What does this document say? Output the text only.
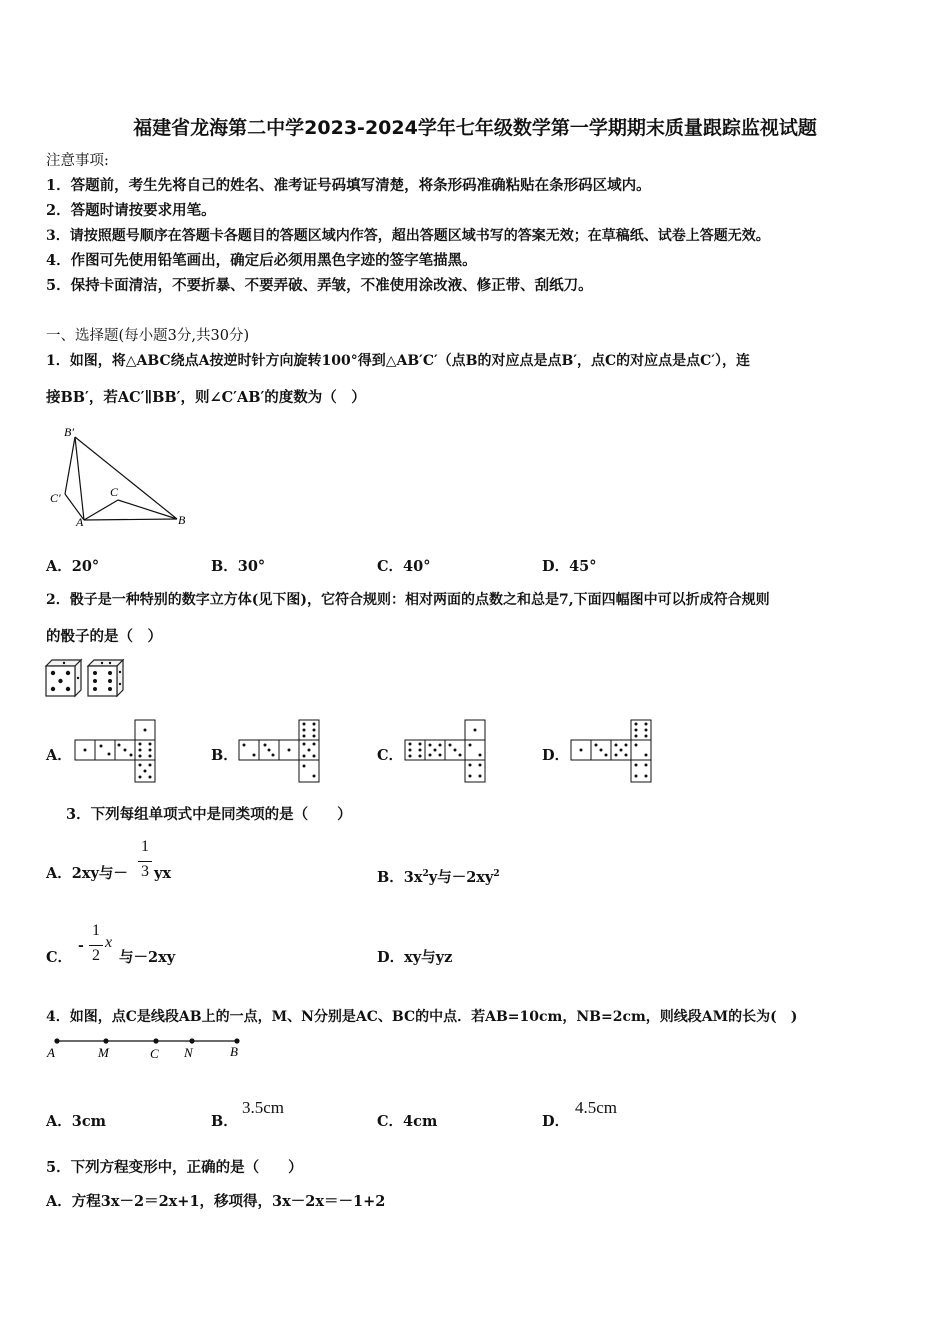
福建省龙海第二中学2023-2024学年七年级数学第一学期期末质量跟踪监视试题
注意事项:
1．答题前，考生先将自己的姓名、准考证号码填写清楚，将条形码准确粘贴在条形码区域内。
2．答题时请按要求用笔。
3．请按照题号顺序在答题卡各题目的答题区域内作答，超出答题区域书写的答案无效；在草稿纸、试卷上答题无效。
4．作图可先使用铅笔画出，确定后必须用黑色字迹的签字笔描黑。
5．保持卡面清洁，不要折暴、不要弄破、弄皱，不准使用涂改液、修正带、刮纸刀。
一、选择题(每小题3分,共30分)
1．如图，将△ABC绕点A按逆时针方向旋转100°得到△AB′C′（点B的对应点是点B′，点C的对应点是点C′），连
接BB′，若AC′∥BB′，则∠C′AB′的度数为（　）
B′
C′
A
C
B
A．20°	B．30°	C．40°	D．45°
2．骰子是一种特别的数字立方体(见下图)，它符合规则：相对两面的点数之和总是7,下面四幅图中可以折成符合规则
的骰子的是（　）
A．	B．	C．	D．
3．下列每组单项式中是同类项的是（　　）
A．2xy与－
1
3 yx	B．$3x^2y$与$-2xy^2$
C．
-
1
2
x
与－2xy	D．xy与yz
4．如图，点C是线段AB上的一点，M、N分别是AC、BC的中点．若AB=10cm，NB=2cm，则线段AM的长为(　)
A	M	C N	B
A．3cm	B．
3.5cm
C．4cm	D．
4.5cm
5．下列方程变形中，正确的是（　　）
A．方程3x－2＝2x+1，移项得，3x－2x＝－1+2
